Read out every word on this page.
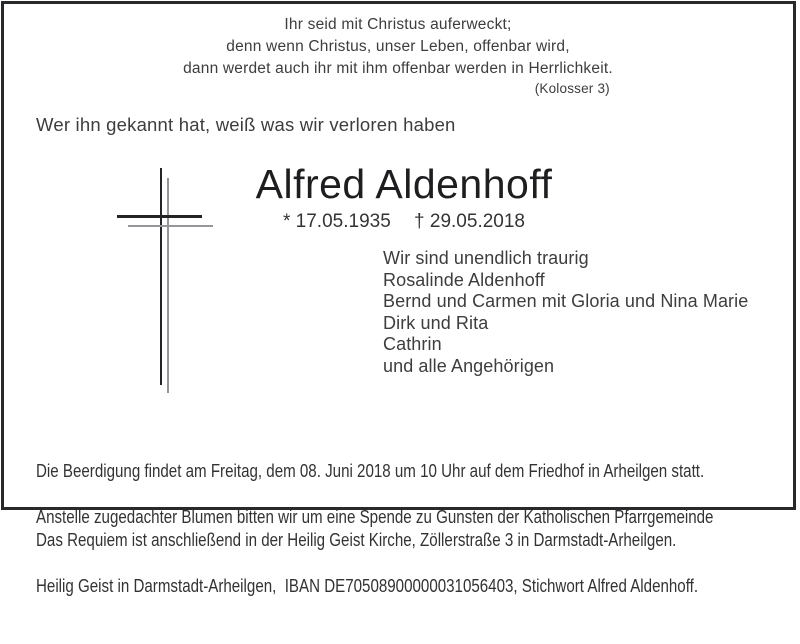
Ihr seid mit Christus auferweckt;
denn wenn Christus, unser Leben, offenbar wird,
dann werdet auch ihr mit ihm offenbar werden in Herrlichkeit.
(Kolosser 3)
Wer ihn gekannt hat, weiß was wir verloren haben
Alfred Aldenhoff
* 17.05.1935 † 29.05.2018
Wir sind unendlich traurig
Rosalinde Aldenhoff
Bernd und Carmen mit Gloria und Nina Marie
Dirk und Rita
Cathrin
und alle Angehörigen

Die Beerdigung findet am Freitag, dem 08. Juni 2018 um 10 Uhr auf dem Friedhof in Arheilgen statt.

Das Requiem ist anschließend in der Heilig Geist Kirche, Zöllerstraße 3 in Darmstadt-Arheilgen.

Anstelle zugedachter Blumen bitten wir um eine Spende zu Gunsten der Katholischen Pfarrgemeinde

Heilig Geist in Darmstadt-Arheilgen,  IBAN DE70508900000031056403, Stichwort Alfred Aldenhoff.
